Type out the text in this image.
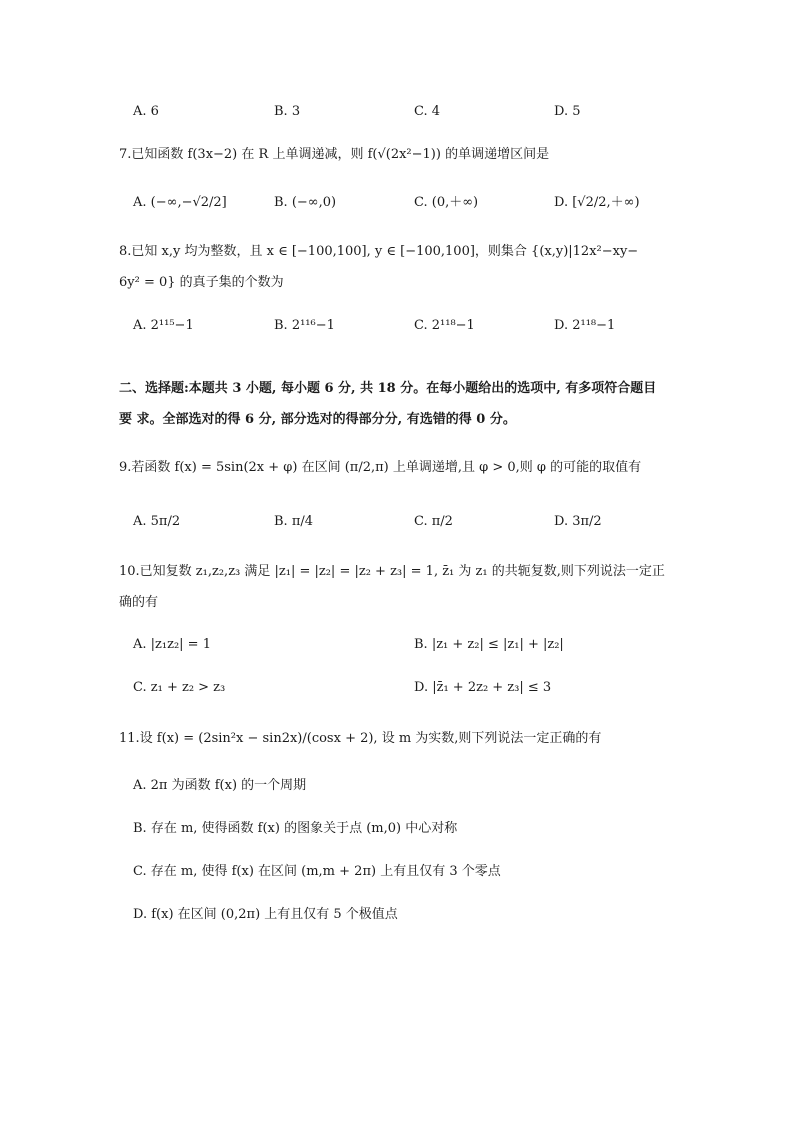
A. 6	B. 3	C. 4	D. 5
7.已知函数 f(3x−2) 在 R 上单调递减，则 f(√(2x²−1)) 的单调递增区间是
A. (−∞,−√2/2]	B. (−∞,0)	C. (0,＋∞)	D. [√2/2,＋∞)
8.已知 x,y 均为整数，且 x ∈ [−100,100], y ∈ [−100,100]，则集合 {(x,y)|12x²−xy−
6y² = 0} 的真子集的个数为
A. 2¹¹⁵−1	B. 2¹¹⁶−1	C. 2¹¹⁸−1	D. 2¹¹⁸−1
二、选择题:本题共 3 小题, 每小题 6 分, 共 18 分。在每小题给出的选项中, 有多项符合题目
要 求。全部选对的得 6 分, 部分选对的得部分分, 有选错的得 0 分。
9.若函数 f(x) = 5sin(2x + φ) 在区间 (π/2,π) 上单调递增,且 φ > 0,则 φ 的可能的取值有
A. 5π/2	B. π/4	C. π/2	D. 3π/2
10.已知复数 z₁,z₂,z₃ 满足 |z₁| = |z₂| = |z₂ + z₃| = 1, z̄₁ 为 z₁ 的共轭复数,则下列说法一定正
确的有
A. |z₁z₂| = 1	B. |z₁ + z₂| ≤ |z₁| + |z₂|
C. z₁ + z₂ > z₃	D. |z̄₁ + 2z₂ + z₃| ≤ 3
11.设 f(x) = (2sin²x − sin2x)/(cosx + 2), 设 m 为实数,则下列说法一定正确的有
A. 2π 为函数 f(x) 的一个周期
B. 存在 m, 使得函数 f(x) 的图象关于点 (m,0) 中心对称
C. 存在 m, 使得 f(x) 在区间 (m,m + 2π) 上有且仅有 3 个零点
D. f(x) 在区间 (0,2π) 上有且仅有 5 个极值点
